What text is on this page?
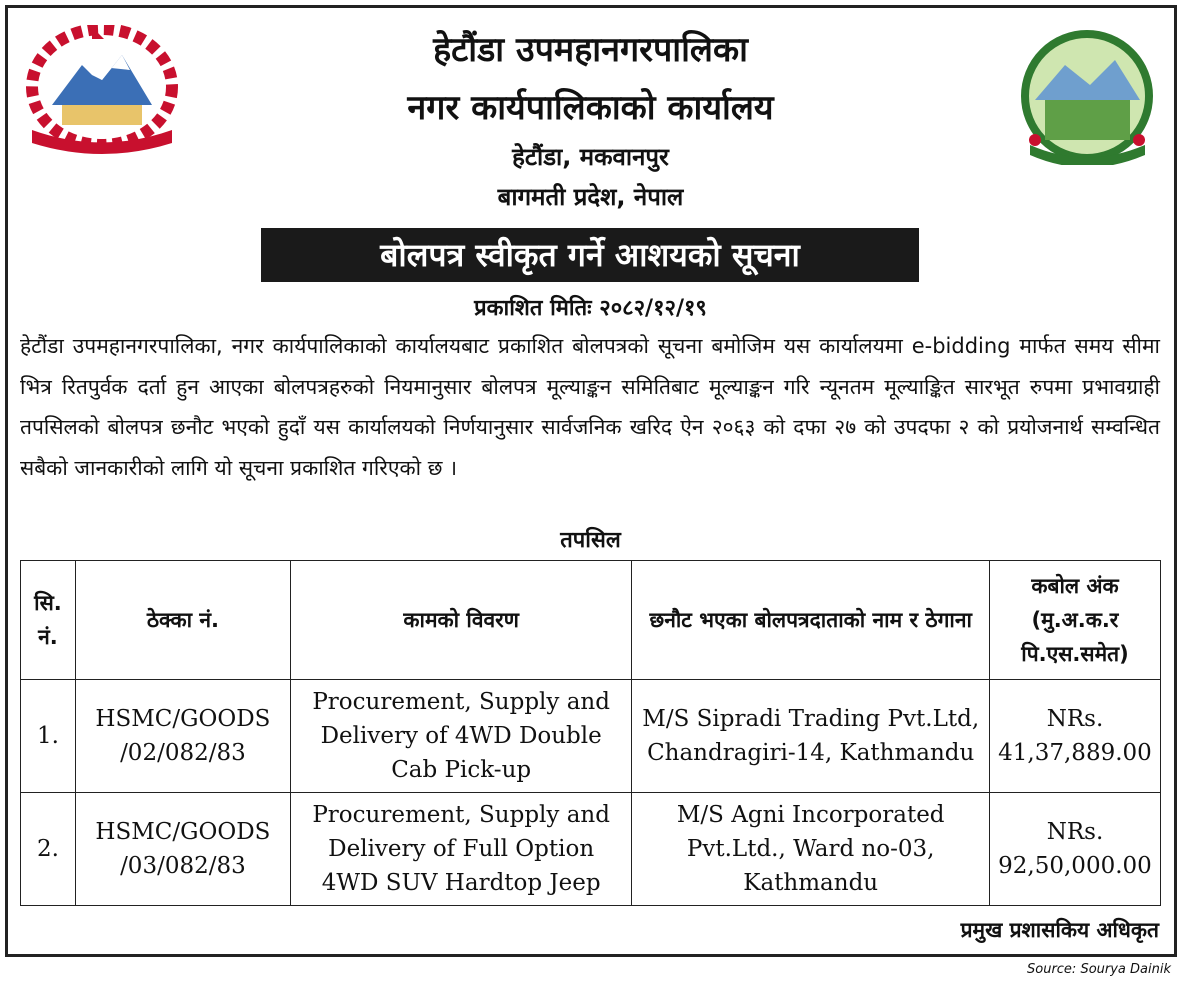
हेटौंडा उपमहानगरपालिका
नगर कार्यपालिकाको कार्यालय
हेटौंडा, मकवानपुर
बागमती प्रदेश, नेपाल
बोलपत्र स्वीकृत गर्ने आशयको सूचना
प्रकाशित मितिः २०८२/१२/१९
हेटौंडा उपमहानगरपालिका, नगर कार्यपालिकाको कार्यालयबाट प्रकाशित बोलपत्रको सूचना बमोजिम यस कार्यालयमा e-bidding मार्फत समय सीमा भित्र रितपुर्वक दर्ता हुन आएका बोलपत्रहरुको नियमानुसार बोलपत्र मूल्याङ्कन समितिबाट मूल्याङ्कन गरि न्यूनतम मूल्याङ्कित सारभूत रुपमा प्रभावग्राही तपसिलको बोलपत्र छनौट भएको हुदाँ यस कार्यालयको निर्णयानुसार सार्वजनिक खरिद ऐन २०६३ को दफा २७ को उपदफा २ को प्रयोजनार्थ सम्वन्धित सबैको जानकारीको लागि यो सूचना प्रकाशित गरिएको छ ।
तपसिल
सि. नं.	ठेक्का नं.	कामको विवरण	छनौट भएका बोलपत्रदाताको नाम र ठेगाना	कबोल अंक (मु.अ.क.र पि.एस.समेत)
1.	HSMC/GOODS /02/082/83	Procurement, Supply and Delivery of 4WD Double Cab Pick-up	M/S Sipradi Trading Pvt.Ltd, Chandragiri-14, Kathmandu	NRs. 41,37,889.00
2.	HSMC/GOODS /03/082/83	Procurement, Supply and Delivery of Full Option 4WD SUV Hardtop Jeep	M/S Agni Incorporated Pvt.Ltd., Ward no-03, Kathmandu	NRs. 92,50,000.00
प्रमुख प्रशासकिय अधिकृत
Source: Sourya Dainik
